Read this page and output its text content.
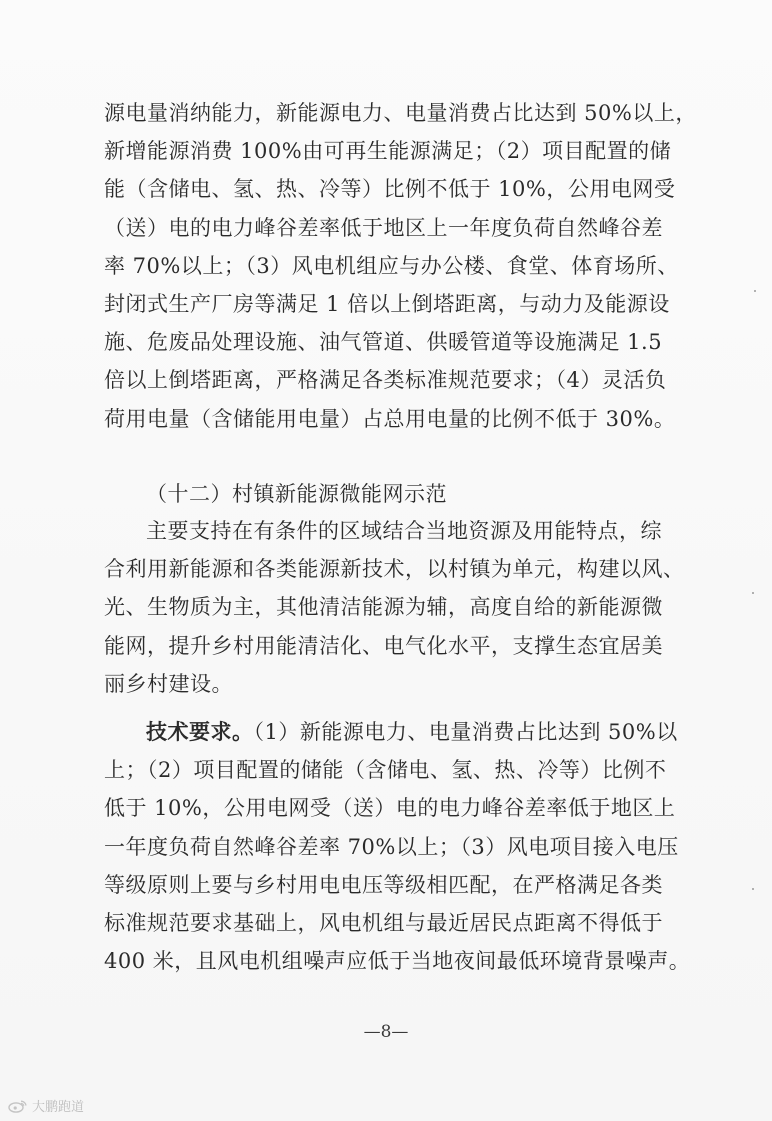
源电量消纳能力，新能源电力、电量消费占比达到 50%以上，
新增能源消费 100%由可再生能源满足；（2）项目配置的储
能（含储电、氢、热、冷等）比例不低于 10%，公用电网受
（送）电的电力峰谷差率低于地区上一年度负荷自然峰谷差
率 70%以上；（3）风电机组应与办公楼、食堂、体育场所、
封闭式生产厂房等满足 1 倍以上倒塔距离，与动力及能源设
施、危废品处理设施、油气管道、供暖管道等设施满足 1.5
倍以上倒塔距离，严格满足各类标准规范要求；（4）灵活负
荷用电量（含储能用电量）占总用电量的比例不低于 30%。
（十二）村镇新能源微能网示范
主要支持在有条件的区域结合当地资源及用能特点，综
合利用新能源和各类能源新技术，以村镇为单元，构建以风、
光、生物质为主，其他清洁能源为辅，高度自给的新能源微
能网，提升乡村用能清洁化、电气化水平，支撑生态宜居美
丽乡村建设。
技术要求。（1）新能源电力、电量消费占比达到 50%以
上；（2）项目配置的储能（含储电、氢、热、冷等）比例不
低于 10%，公用电网受（送）电的电力峰谷差率低于地区上
一年度负荷自然峰谷差率 70%以上；（3）风电项目接入电压
等级原则上要与乡村用电电压等级相匹配，在严格满足各类
标准规范要求基础上，风电机组与最近居民点距离不得低于
400 米，且风电机组噪声应低于当地夜间最低环境背景噪声。
—8—
大鹏跑道
